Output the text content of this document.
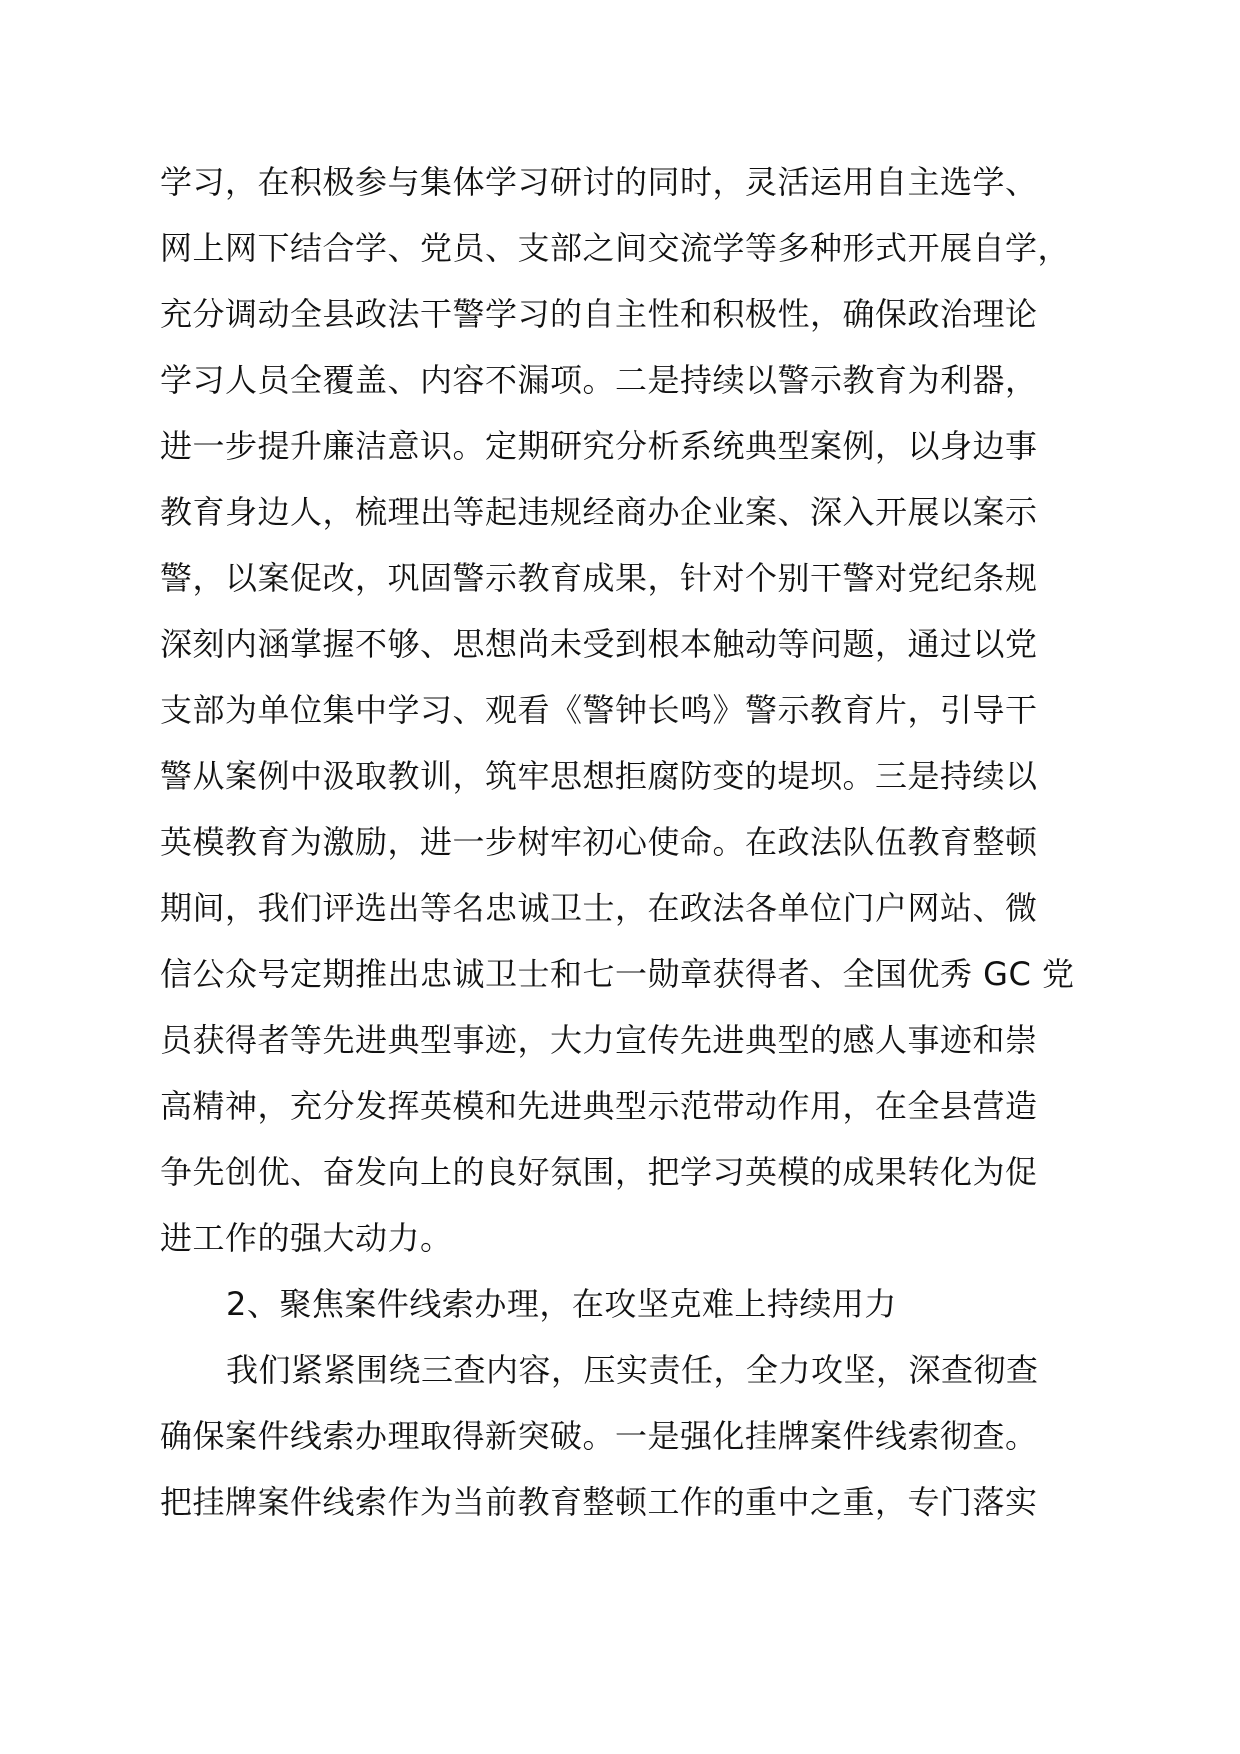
学习，在积极参与集体学习研讨的同时，灵活运用自主选学、
网上网下结合学、党员、支部之间交流学等多种形式开展自学，
充分调动全县政法干警学习的自主性和积极性，确保政治理论
学习人员全覆盖、内容不漏项。二是持续以警示教育为利器，
进一步提升廉洁意识。定期研究分析系统典型案例，以身边事
教育身边人，梳理出等起违规经商办企业案、深入开展以案示
警，以案促改，巩固警示教育成果，针对个别干警对党纪条规
深刻内涵掌握不够、思想尚未受到根本触动等问题，通过以党
支部为单位集中学习、观看《警钟长鸣》警示教育片，引导干
警从案例中汲取教训，筑牢思想拒腐防变的堤坝。三是持续以
英模教育为激励，进一步树牢初心使命。在政法队伍教育整顿
期间，我们评选出等名忠诚卫士，在政法各单位门户网站、微
信公众号定期推出忠诚卫士和七一勋章获得者、全国优秀 GC 党
员获得者等先进典型事迹，大力宣传先进典型的感人事迹和崇
高精神，充分发挥英模和先进典型示范带动作用，在全县营造
争先创优、奋发向上的良好氛围，把学习英模的成果转化为促
进工作的强大动力。
2、聚焦案件线索办理，在攻坚克难上持续用力
我们紧紧围绕三查内容，压实责任，全力攻坚，深查彻查
确保案件线索办理取得新突破。一是强化挂牌案件线索彻查。
把挂牌案件线索作为当前教育整顿工作的重中之重，专门落实
